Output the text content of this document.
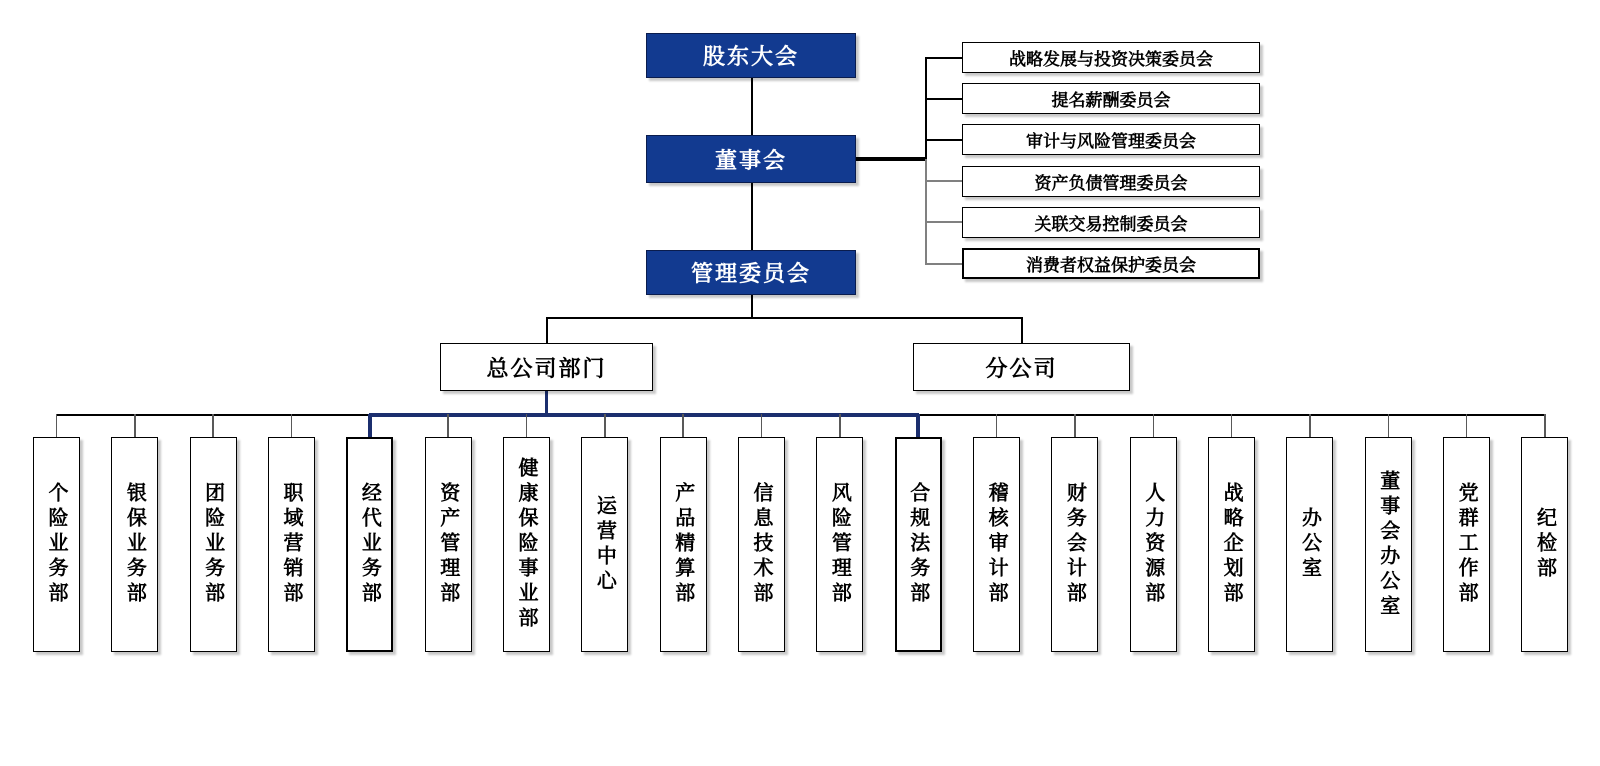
股东大会
董事会
管理委员会
总公司部门	分公司
战略发展与投资决策委员会
提名薪酬委员会
审计与风险管理委员会
资产负债管理委员会
关联交易控制委员会
消费者权益保护委员会
个险业务部	银保业务部	团险业务部	职域营销部	经代业务部	资产管理部	健康保险事业部	运营中心	产品精算部	信息技术部	风险管理部	合规法务部	稽核审计部	财务会计部	人力资源部	战略企划部	办公室	董事会办公室	党群工作部	纪检部
